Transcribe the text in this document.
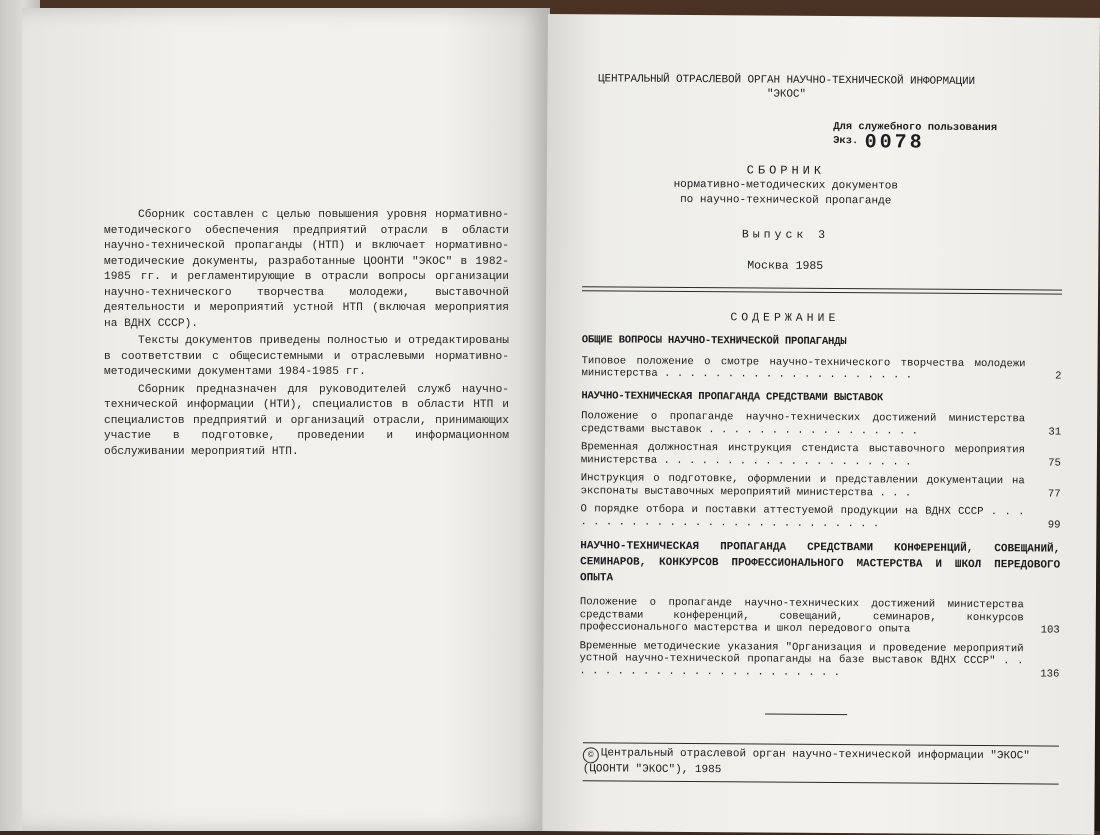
Сборник составлен с целью повышения уровня нормативно-методического обеспечения предприятий отрасли в области научно-технической пропаганды (НТП) и включает нормативно-методические документы, разработанные ЦООНТИ "ЭКОС" в 1982-1985 гг. и регламентирующие в отрасли вопросы организации научно-технического творчества молодежи, выставочной деятельности и мероприятий устной НТП (включая мероприятия на ВДНХ СССР).

Тексты документов приведены полностью и отредактированы в соответствии с общесистемными и отраслевыми нормативно-методическими документами 1984-1985 гг.

Сборник предназначен для руководителей служб научно-технической информации (НТИ), специалистов в области НТП и специалистов предприятий и организаций отрасли, принимающих участие в подготовке, проведении и информационном обслуживании мероприятий НТП.

ЦЕНТРАЛЬНЫЙ ОТРАСЛЕВОЙ ОРГАН НАУЧНО-ТЕХНИЧЕСКОЙ ИНФОРМАЦИИ
"ЭКОС"
Для служебного пользования
Экз. 0078
СБОРНИК
нормативно-методических документов
по научно-технической пропаганде
Выпуск 3
Москва 1985
СОДЕРЖАНИЕ
ОБЩИЕ ВОПРОСЫ НАУЧНО-ТЕХНИЧЕСКОЙ ПРОПАГАНДЫ
Типовое положение о смотре научно-технического творчества молодежи министерства . . . . . . . . . . . . . . . . . . . .	2
НАУЧНО-ТЕХНИЧЕСКАЯ ПРОПАГАНДА СРЕДСТВАМИ ВЫСТАВОК
Положение о пропаганде научно-технических достижений министерства средствами выставок . . . . . . . . . . . . . . . . .	31
Временная должностная инструкция стендиста выставочного мероприятия министерства . . . . . . . . . . . . . . . . . . . .	75
Инструкция о подготовке, оформлении и представлении документации на экспонаты выставочных мероприятий министерства . . .	77
О порядке отбора и поставки аттестуемой продукции на ВДНХ СССР . . . . . . . . . . . . . . . . . . . . . . . . . . .	99
НАУЧНО-ТЕХНИЧЕСКАЯ ПРОПАГАНДА СРЕДСТВАМИ КОНФЕРЕНЦИЙ, СОВЕЩАНИЙ, СЕМИНАРОВ, КОНКУРСОВ ПРОФЕССИОНАЛЬНОГО МАСТЕРСТВА И ШКОЛ ПЕРЕДОВОГО ОПЫТА
Положение о пропаганде научно-технических достижений министерства средствами конференций, совещаний, семинаров, конкурсов профессионального мастерства и школ передового опыта	103
Временные методические указания "Организация и проведение мероприятий устной научно-технической пропаганды на базе выставок ВДНХ СССР" . . . . . . . . . . . . . . . . . . . . . . .	136
© Центральный отраслевой орган научно-технической информации "ЭКОС" (ЦООНТИ "ЭКОС"), 1985
